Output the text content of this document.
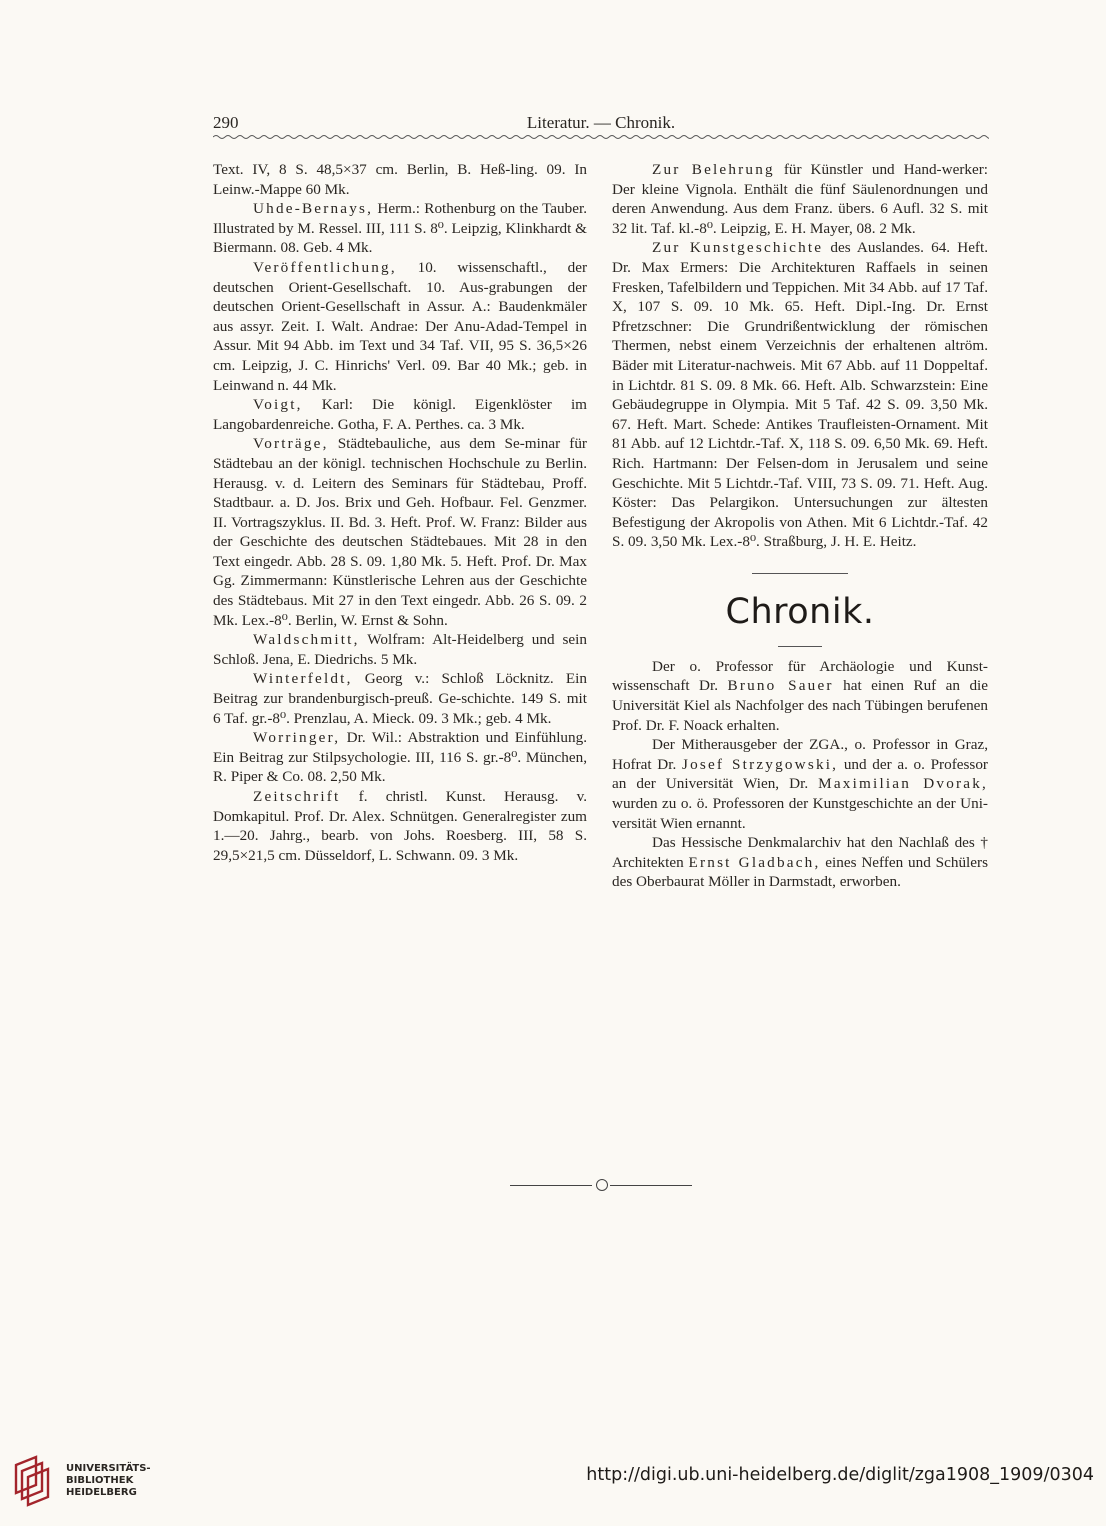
290	Literatur. — Chronik.

Text. IV, 8 S. 48,5×37 cm. Berlin, B. Heß-ling. 09. In Leinw.-Mappe 60 Mk.

Uhde-Bernays, Herm.: Rothenburg on the Tauber. Illustrated by M. Ressel. III, 111 S. 8⁰. Leipzig, Klinkhardt & Biermann. 08. Geb. 4 Mk.

Veröffentlichung, 10. wissenschaftl., der deutschen Orient-Gesellschaft. 10. Aus-grabungen der deutschen Orient-Gesellschaft in Assur. A.: Baudenkmäler aus assyr. Zeit. I. Walt. Andrae: Der Anu-Adad-Tempel in Assur. Mit 94 Abb. im Text und 34 Taf. VII, 95 S. 36,5×26 cm. Leipzig, J. C. Hinrichs' Verl. 09. Bar 40 Mk.; geb. in Leinwand n. 44 Mk.

Voigt, Karl: Die königl. Eigenklöster im Langobardenreiche. Gotha, F. A. Perthes. ca. 3 Mk.

Vorträge, Städtebauliche, aus dem Se-minar für Städtebau an der königl. technischen Hochschule zu Berlin. Herausg. v. d. Leitern des Seminars für Städtebau, Proff. Stadtbaur. a. D. Jos. Brix und Geh. Hofbaur. Fel. Genzmer. II. Vortragszyklus. II. Bd. 3. Heft. Prof. W. Franz: Bilder aus der Geschichte des deutschen Städtebaues. Mit 28 in den Text eingedr. Abb. 28 S. 09. 1,80 Mk. 5. Heft. Prof. Dr. Max Gg. Zimmermann: Künstlerische Lehren aus der Geschichte des Städtebaus. Mit 27 in den Text eingedr. Abb. 26 S. 09. 2 Mk. Lex.-8⁰. Berlin, W. Ernst & Sohn.

Waldschmitt, Wolfram: Alt-Heidelberg und sein Schloß. Jena, E. Diedrichs. 5 Mk.

Winterfeldt, Georg v.: Schloß Löcknitz. Ein Beitrag zur brandenburgisch-preuß. Ge-schichte. 149 S. mit 6 Taf. gr.-8⁰. Prenzlau, A. Mieck. 09. 3 Mk.; geb. 4 Mk.

Worringer, Dr. Wil.: Abstraktion und Einfühlung. Ein Beitrag zur Stilpsychologie. III, 116 S. gr.-8⁰. München, R. Piper & Co. 08. 2,50 Mk.

Zeitschrift f. christl. Kunst. Herausg. v. Domkapitul. Prof. Dr. Alex. Schnütgen. Generalregister zum 1.—20. Jahrg., bearb. von Johs. Roesberg. III, 58 S. 29,5×21,5 cm. Düsseldorf, L. Schwann. 09. 3 Mk.

Zur Belehrung für Künstler und Hand-werker: Der kleine Vignola. Enthält die fünf Säulenordnungen und deren Anwendung. Aus dem Franz. übers. 6 Aufl. 32 S. mit 32 lit. Taf. kl.-8⁰. Leipzig, E. H. Mayer, 08. 2 Mk.

Zur Kunstgeschichte des Auslandes. 64. Heft. Dr. Max Ermers: Die Architekturen Raffaels in seinen Fresken, Tafelbildern und Teppichen. Mit 34 Abb. auf 17 Taf. X, 107 S. 09. 10 Mk. 65. Heft. Dipl.-Ing. Dr. Ernst Pfretzschner: Die Grundrißentwicklung der römischen Thermen, nebst einem Verzeichnis der erhaltenen altröm. Bäder mit Literatur-nachweis. Mit 67 Abb. auf 11 Doppeltaf. in Lichtdr. 81 S. 09. 8 Mk. 66. Heft. Alb. Schwarzstein: Eine Gebäudegruppe in Olympia. Mit 5 Taf. 42 S. 09. 3,50 Mk. 67. Heft. Mart. Schede: Antikes Traufleisten-Ornament. Mit 81 Abb. auf 12 Lichtdr.-Taf. X, 118 S. 09. 6,50 Mk. 69. Heft. Rich. Hartmann: Der Felsen-dom in Jerusalem und seine Geschichte. Mit 5 Lichtdr.-Taf. VIII, 73 S. 09. 71. Heft. Aug. Köster: Das Pelargikon. Untersuchungen zur ältesten Befestigung der Akropolis von Athen. Mit 6 Lichtdr.-Taf. 42 S. 09. 3,50 Mk. Lex.-8⁰. Straßburg, J. H. E. Heitz.

Chronik.

Der o. Professor für Archäologie und Kunst-wissenschaft Dr. Bruno Sauer hat einen Ruf an die Universität Kiel als Nachfolger des nach Tübingen berufenen Prof. Dr. F. Noack erhalten.

Der Mitherausgeber der ZGA., o. Professor in Graz, Hofrat Dr. Josef Strzygowski, und der a. o. Professor an der Universität Wien, Dr. Maximilian Dvorak, wurden zu o. ö. Professoren der Kunstgeschichte an der Uni-versität Wien ernannt.

Das Hessische Denkmalarchiv hat den Nachlaß des † Architekten Ernst Gladbach, eines Neffen und Schülers des Oberbaurat Möller in Darmstadt, erworben.

UNIVERSITÄTS-
BIBLIOTHEK
HEIDELBERG
http://digi.ub.uni-heidelberg.de/diglit/zga1908_1909/0304
